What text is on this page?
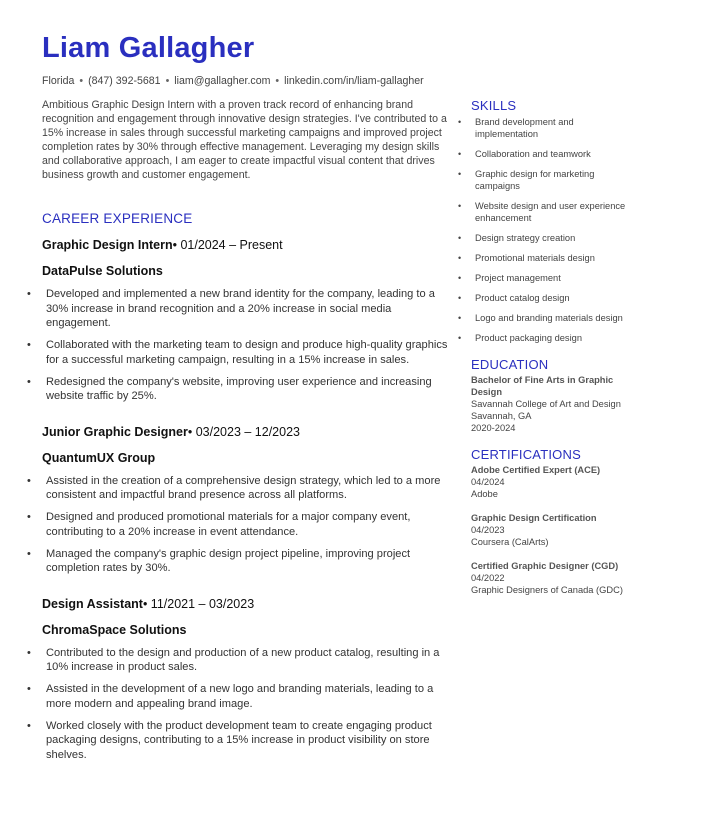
Liam Gallagher
Florida • (847) 392-5681 • liam@gallagher.com • linkedin.com/in/liam-gallagher

Ambitious Graphic Design Intern with a proven track record of enhancing brand recognition and engagement through innovative design strategies. I've contributed to a 15% increase in sales through successful marketing campaigns and improved project completion rates by 30% through effective management. Leveraging my design skills and collaborative approach, I am eager to create impactful visual content that drives business growth and customer engagement.

CAREER EXPERIENCE
Graphic Design Intern• 01/2024 – Present
DataPulse Solutions
• Developed and implemented a new brand identity for the company, leading to a 30% increase in brand recognition and a 20% increase in social media engagement.
• Collaborated with the marketing team to design and produce high-quality graphics for a successful marketing campaign, resulting in a 15% increase in sales.
• Redesigned the company's website, improving user experience and increasing website traffic by 25%.
Junior Graphic Designer• 03/2023 – 12/2023
QuantumUX Group
• Assisted in the creation of a comprehensive design strategy, which led to a more consistent and impactful brand presence across all platforms.
• Designed and produced promotional materials for a major company event, contributing to a 20% increase in event attendance.
• Managed the company's graphic design project pipeline, improving project completion rates by 30%.
Design Assistant• 11/2021 – 03/2023
ChromaSpace Solutions
• Contributed to the design and production of a new product catalog, resulting in a 10% increase in product sales.
• Assisted in the development of a new logo and branding materials, leading to a more modern and appealing brand image.
• Worked closely with the product development team to create engaging product packaging designs, contributing to a 15% increase in product visibility on store shelves.
SKILLS
• Brand development and implementation
• Collaboration and teamwork
• Graphic design for marketing campaigns
• Website design and user experience enhancement
• Design strategy creation
• Promotional materials design
• Project management
• Product catalog design
• Logo and branding materials design
• Product packaging design
EDUCATION
Bachelor of Fine Arts in Graphic Design
Savannah College of Art and Design
Savannah, GA
2020-2024
CERTIFICATIONS
Adobe Certified Expert (ACE)
04/2024
Adobe
Graphic Design Certification
04/2023
Coursera (CalArts)
Certified Graphic Designer (CGD)
04/2022
Graphic Designers of Canada (GDC)
